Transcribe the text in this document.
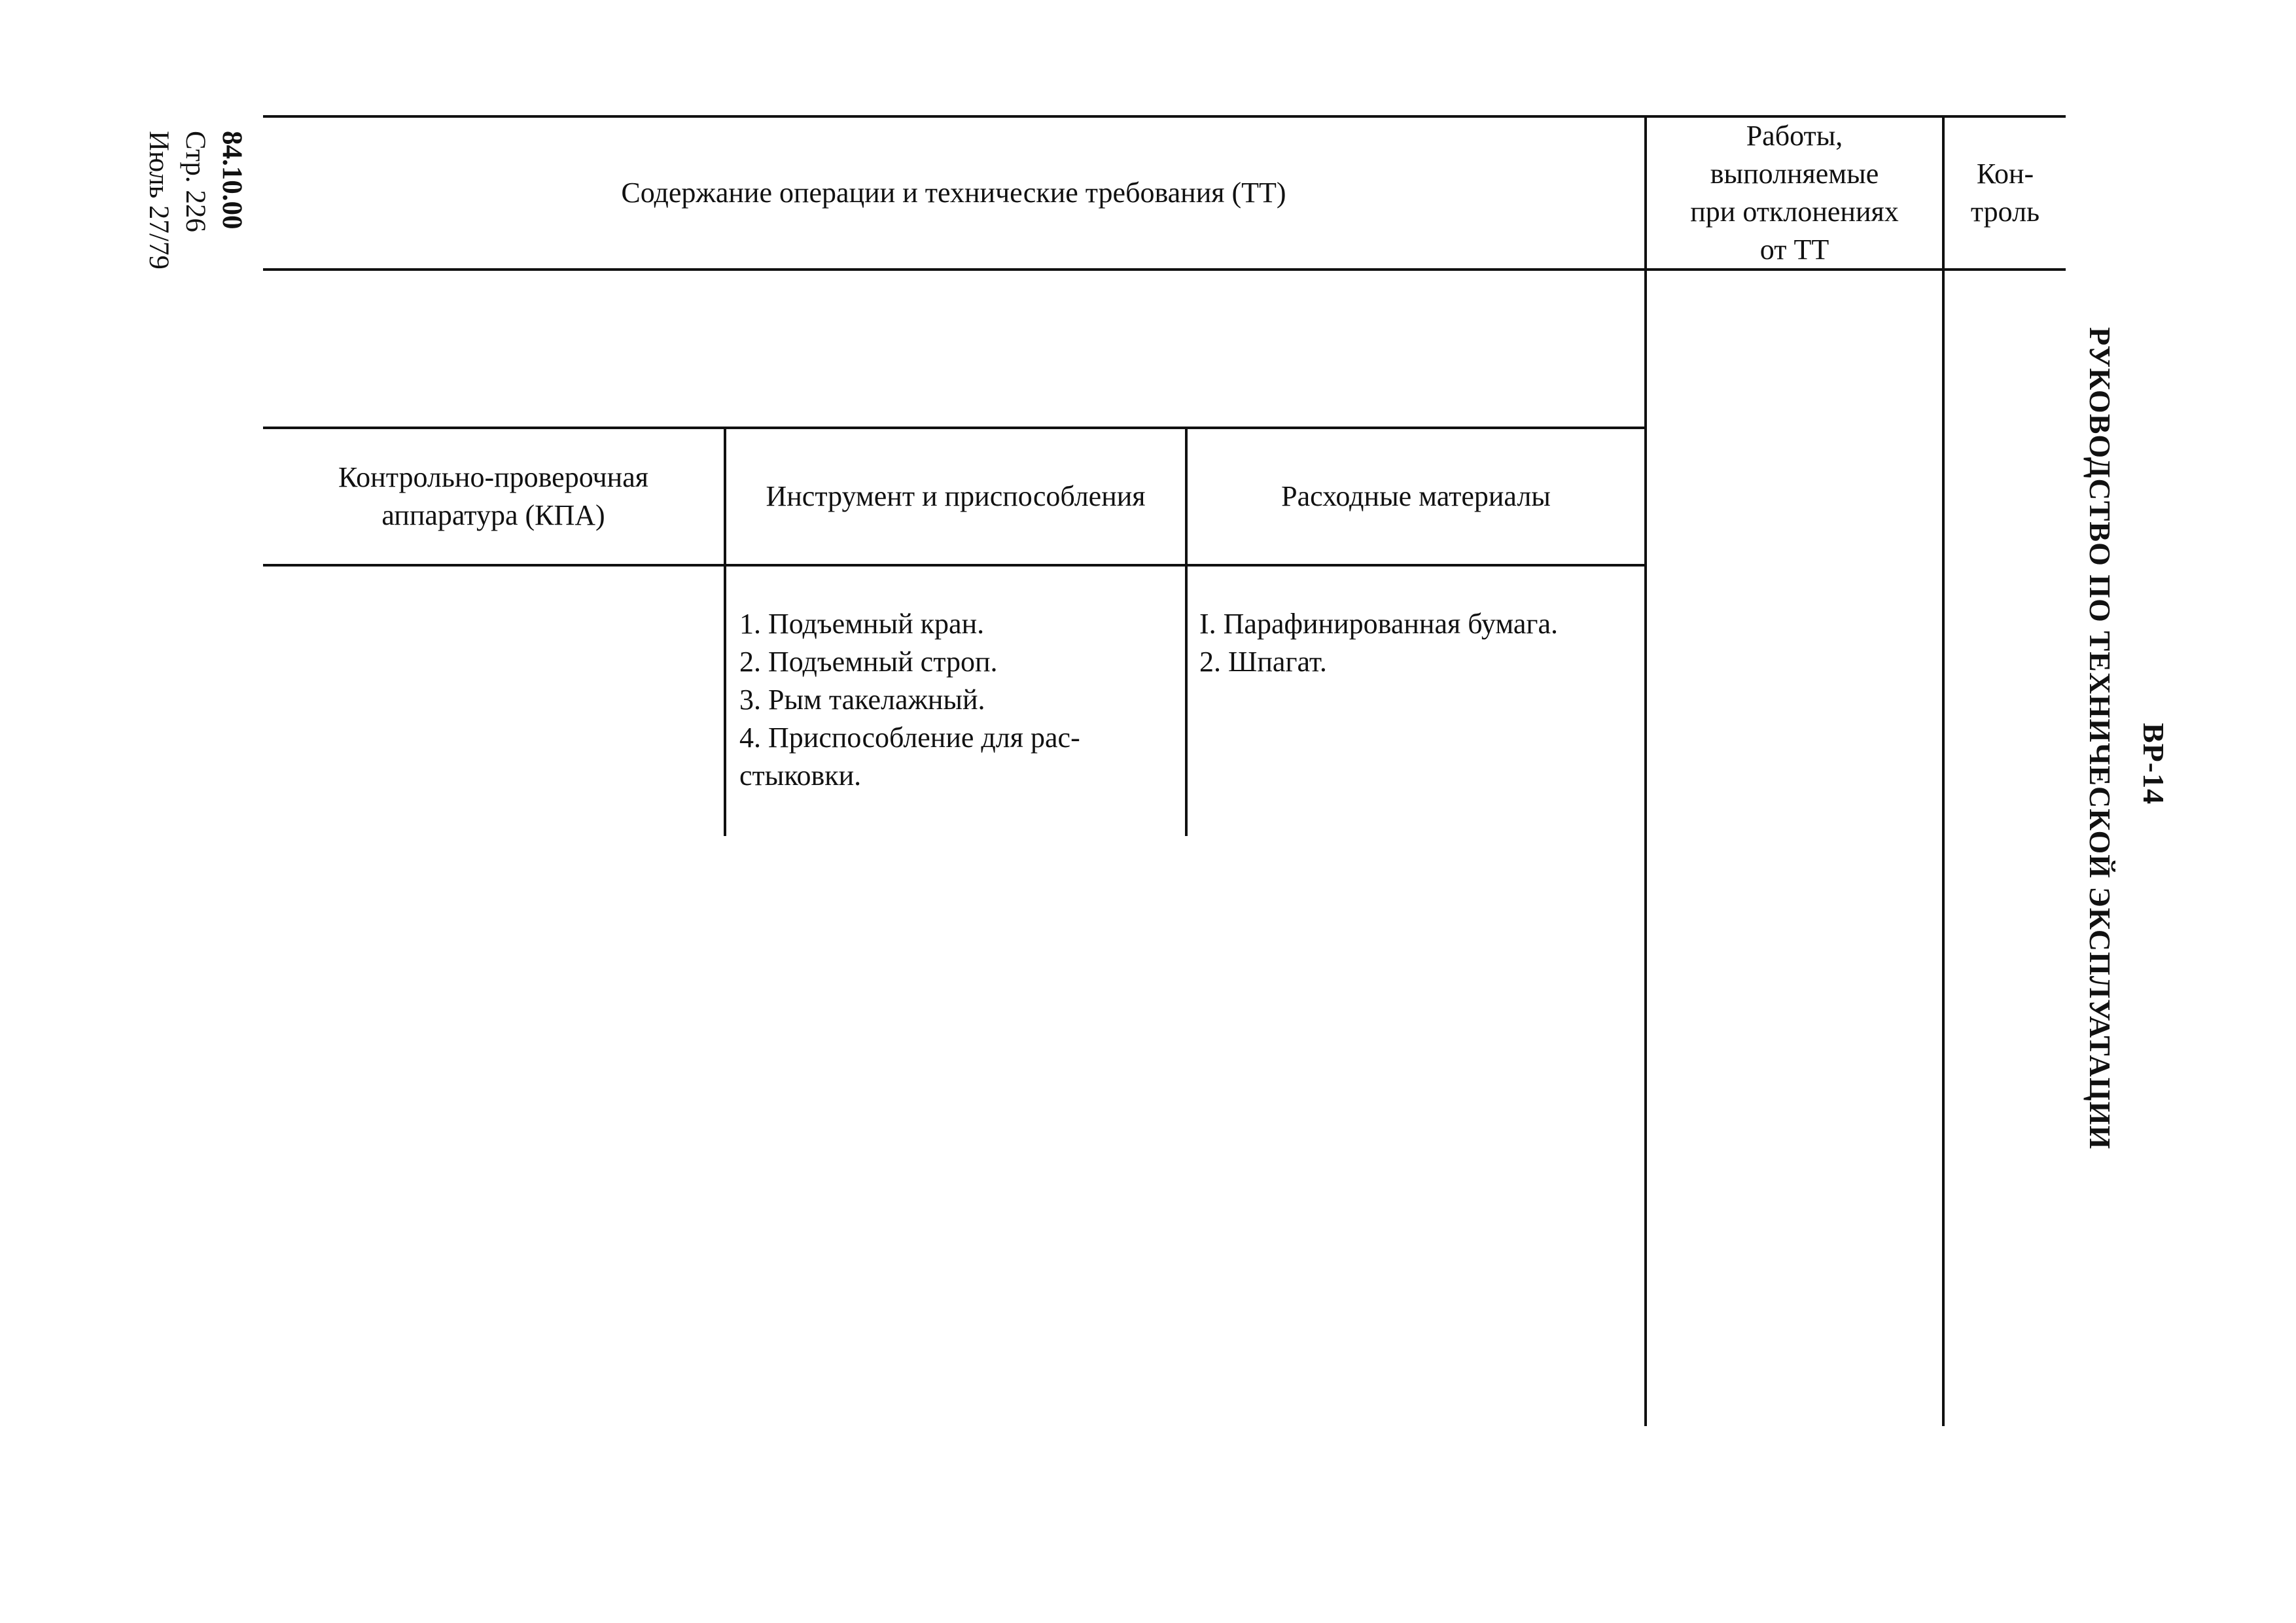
84.10.00
Стр. 226
Июль 27/79	Содержание операции и технические требования (ТТ)
Работы,
выполняемые
при отклонениях
от ТТ
Кон-
троль
Контрольно-проверочная
аппаратура (КПА)
Инструмент и приспособления	Расходные материалы
1. Подъемный кран.
2. Подъемный строп.
3. Рым такелажный.
4. Приспособление для рас-
стыковки.
I. Парафинированная бумага.
2. Шпагат.
ВР-14
РУКОВОДСТВО ПО ТЕХНИЧЕСКОЙ ЭКСПЛУАТАЦИИ
